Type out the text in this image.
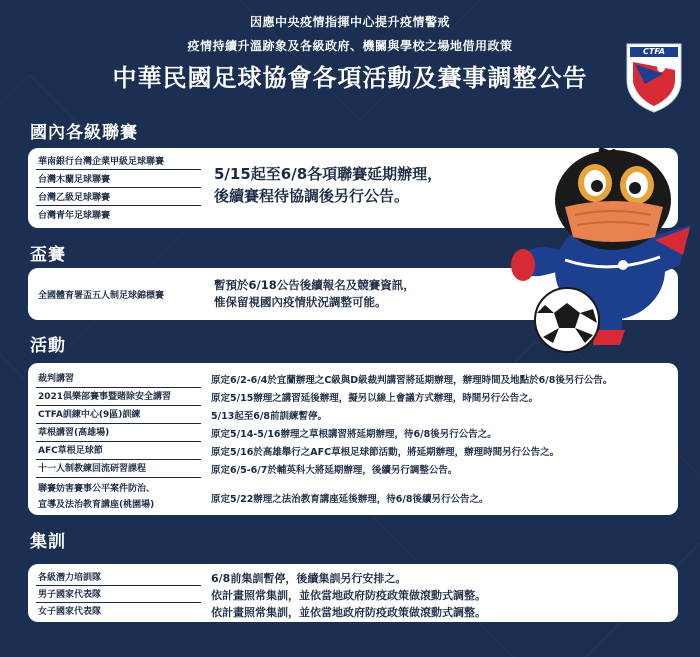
因應中央疫情指揮中心提升疫情警戒
疫情持續升溫跡象及各級政府、機關與學校之場地借用政策
中華民國足球協會各項活動及賽事調整公告
CTFA
國內各級聯賽
華南銀行台灣企業甲級足球聯賽
台灣木蘭足球聯賽
台灣乙級足球聯賽
台灣青年足球聯賽
5/15起至6/8各項聯賽延期辦理，
後續賽程待協調後另行公告。
盃賽
全國體育署盃五人制足球錦標賽
暫預於6/18公告後續報名及競賽資訊，
惟保留視國內疫情狀況調整可能。
活動
裁判講習	原定6/2-6/4於宜蘭辦理之C級與D級裁判講習將延期辦理，辦理時間及地點於6/8後另行公告。
2021俱樂部賽事暨賭除安全講習	原定5/15辦理之講習延後辦理，擬另以線上會議方式辦理，時間另行公告之。
CTFA訓練中心(9區)訓練	5/13起至6/8前訓練暫停。
草根講習(高雄場)	原定5/14-5/16辦理之草根講習將延期辦理，待6/8後另行公告之。
AFC草根足球節	原定5/16於高雄舉行之AFC草根足球節活動，將延期辦理，辦理時間另行公告之。
十一人制教練回流研習課程	原定6/5-6/7於輔英科大將延期辦理，後續另行調整公告。
聯賽妨害賽事公平案件防治、
宣導及法治教育講座(桃園場)	原定5/22辦理之法治教育講座延後辦理，待6/8後續另行公告之。
集訓
各級潛力培訓隊	6/8前集訓暫停，後續集訓另行安排之。
男子國家代表隊	依計畫照常集訓，並依當地政府防疫政策做滾動式調整。
女子國家代表隊	依計畫照常集訓，並依當地政府防疫政策做滾動式調整。
